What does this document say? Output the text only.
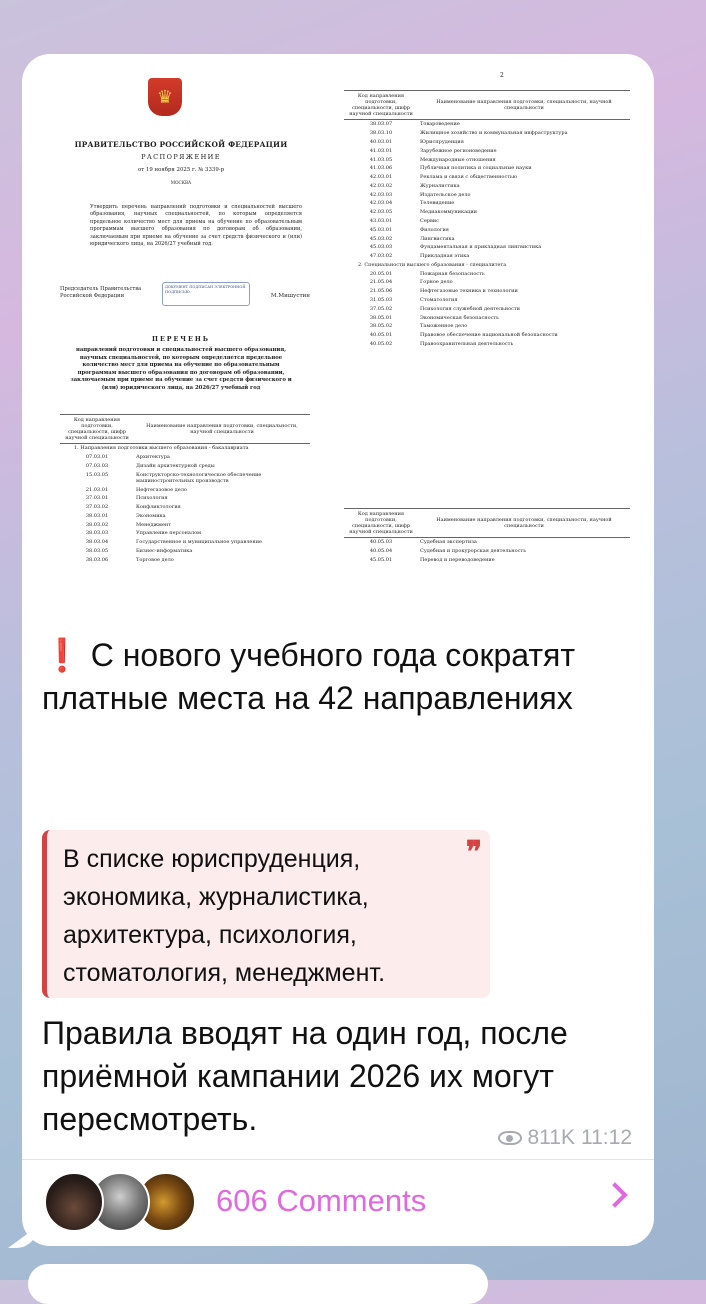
♛
ПРАВИТЕЛЬСТВО РОССИЙСКОЙ ФЕДЕРАЦИИ
РАСПОРЯЖЕНИЕ
от 19 ноября 2025 г. № 3339-р
МОСКВА
Утвердить перечень направлений подготовки и специальностей высшего образования, научных специальностей, по которым определяется предельное количество мест для приема на обучение по образовательным программам высшего образования по договорам об образовании, заключаемым при приеме на обучение за счет средств физического и (или) юридического лица, на 2026/27 учебный год.
Председатель Правительства Российской Федерации
ДОКУМЕНТ ПОДПИСАН ЭЛЕКТРОННОЙ ПОДПИСЬЮ
М.Мишустин
ПЕРЕЧЕНЬ
направлений подготовки и специальностей высшего образования, научных специальностей, по которым определяется предельное количество мест для приема на обучение по образовательным программам высшего образования по договорам об образовании, заключаемым при приеме на обучение за счет средств физического и (или) юридического лица, на 2026/27 учебный год
Код направления подготовки, специальности, шифр научной специальности	Наименование направления подготовки, специальности, научной специальности
1. Направления подготовки высшего образования - бакалавриата	
07.03.01	Архитектура
07.03.03	Дизайн архитектурной среды
15.03.05	Конструкторско-технологическое обеспечение машиностроительных производств
21.03.01	Нефтегазовое дело
37.03.01	Психология
37.03.02	Конфликтология
38.03.01	Экономика
38.03.02	Менеджмент
38.03.03	Управление персоналом
38.03.04	Государственное и муниципальное управление
38.03.05	Бизнес-информатика
38.03.06	Торговое дело
2
Код направления подготовки, специальности, шифр научной специальности	Наименование направления подготовки, специальности, научной специальности
38.03.07	Товароведение
38.03.10	Жилищное хозяйство и коммунальная инфраструктура
40.03.01	Юриспруденция
41.03.01	Зарубежное регионоведение
41.03.05	Международные отношения
41.03.06	Публичная политика и социальные науки
42.03.01	Реклама и связи с общественностью
42.03.02	Журналистика
42.03.03	Издательское дело
42.03.04	Телевидение
42.03.05	Медиакоммуникации
43.03.01	Сервис
45.03.01	Филология
45.03.02	Лингвистика
45.03.03	Фундаментальная и прикладная лингвистика
47.03.02	Прикладная этика
2. Специальности высшего образования - специалитета	
20.05.01	Пожарная безопасность
21.05.04	Горное дело
21.05.06	Нефтегазовые техника и технологии
31.05.03	Стоматология
37.05.02	Психология служебной деятельности
38.05.01	Экономическая безопасность
38.05.02	Таможенное дело
40.05.01	Правовое обеспечение национальной безопасности
40.05.02	Правоохранительная деятельность
Код направления подготовки, специальности, шифр научной специальности	Наименование направления подготовки, специальности, научной специальности
40.05.03	Судебная экспертиза
40.05.04	Судебная и прокурорская деятельность
45.05.01	Перевод и переводоведение
❗ С нового учебного года сократят платные места на 42 направлениях
В списке юриспруденция, экономика, журналистика, архитектура, психология, стоматология, менеджмент.
❞
Правила вводят на один год, после приёмной кампании 2026 их могут пересмотреть.
811K 11:12
606 Comments
